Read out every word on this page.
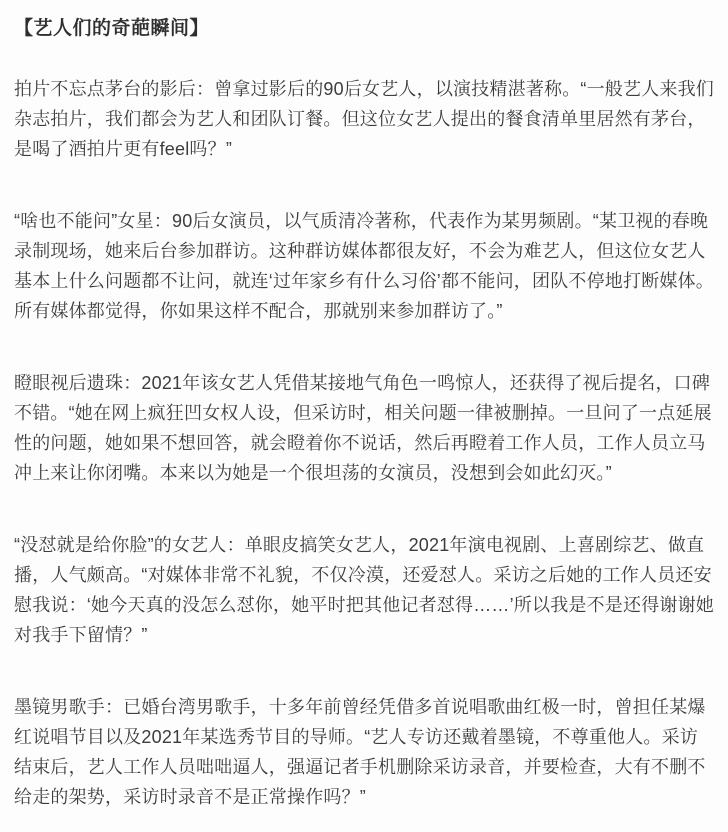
【艺人们的奇葩瞬间】

拍片不忘点茅台的影后：曾拿过影后的90后女艺人，以演技精湛著称。“一般艺人来我们杂志拍片，我们都会为艺人和团队订餐。但这位女艺人提出的餐食清单里居然有茅台，是喝了酒拍片更有feel吗？”

“啥也不能问”女星：90后女演员，以气质清冷著称，代表作为某男频剧。“某卫视的春晚录制现场，她来后台参加群访。这种群访媒体都很友好，不会为难艺人，但这位女艺人基本上什么问题都不让问，就连‘过年家乡有什么习俗’都不能问，团队不停地打断媒体。所有媒体都觉得，你如果这样不配合，那就别来参加群访了。”

瞪眼视后遗珠：2021年该女艺人凭借某接地气角色一鸣惊人，还获得了视后提名，口碑不错。“她在网上疯狂凹女权人设，但采访时，相关问题一律被删掉。一旦问了一点延展性的问题，她如果不想回答，就会瞪着你不说话，然后再瞪着工作人员，工作人员立马冲上来让你闭嘴。本来以为她是一个很坦荡的女演员，没想到会如此幻灭。”

“没怼就是给你脸”的女艺人：单眼皮搞笑女艺人，2021年演电视剧、上喜剧综艺、做直播，人气颇高。“对媒体非常不礼貌，不仅冷漠，还爱怼人。采访之后她的工作人员还安慰我说：‘她今天真的没怎么怼你，她平时把其他记者怼得……’所以我是不是还得谢谢她对我手下留情？”

墨镜男歌手：已婚台湾男歌手，十多年前曾经凭借多首说唱歌曲红极一时，曾担任某爆红说唱节目以及2021年某选秀节目的导师。“艺人专访还戴着墨镜，不尊重他人。采访结束后，艺人工作人员咄咄逼人，强逼记者手机删除采访录音，并要检查，大有不删不给走的架势，采访时录音不是正常操作吗？”
